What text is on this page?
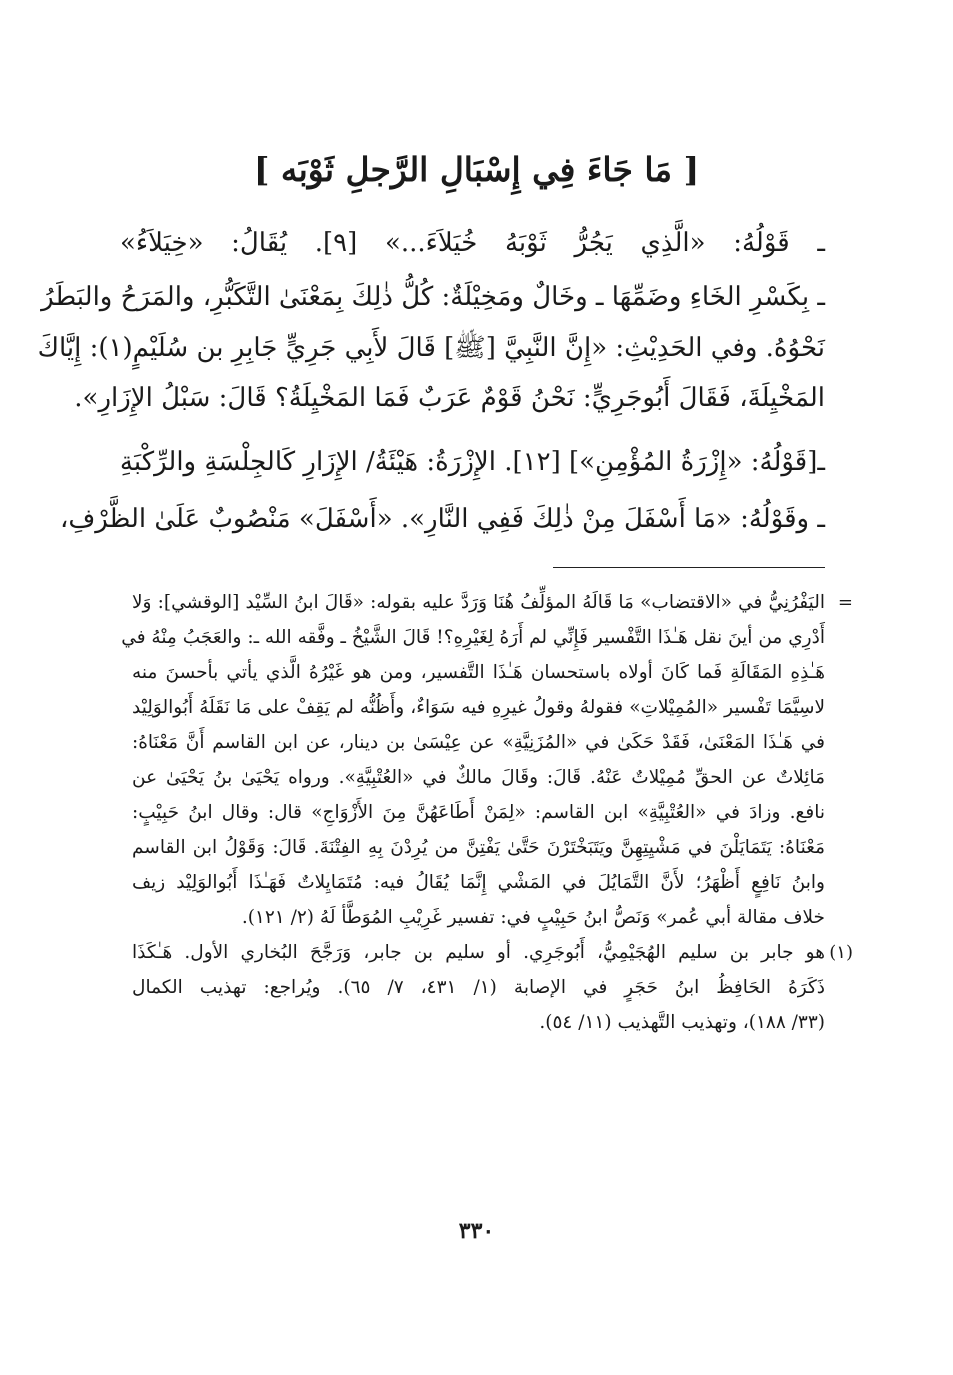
[ مَا جَاءَ فِي إِسْبَالِ الرَّجلِ ثَوْبَه ]
ـ قَوْلُهُ: «الَّذِي يَجُرُّ ثَوْبَهُ خُيَلاَءَ...» [٩]. يُقَالُ: «خِيَلاَءُ»
ـ بِكَسْرِ الخَاءِ وضَمِّهَا ـ وخَالٌ ومَخِيْلَةٌ: كُلُّ ذٰلِكَ بِمَعْنَىٰ التَّكَبُّرِ، والمَرَحُ والبَطَرُ
نَحْوُهُ. وفي الحَدِيْثِ: «إِنَّ النَّبِيَّ [ﷺ] قَالَ لأَبِي جَرِيٍّ جَابِرِ بن سُلَيْمٍ(١): إِيَّاكَ
المَخْيِلَةَ، فَقَالَ أَبُوجَرِيٍّ: نَحْنُ قَوْمٌ عَرَبٌ فَمَا المَخْيِلَةُ؟ قَالَ: سَبْلُ الإِزَارِ».
ـ[قَوْلُهُ: «إِزْرَةُ المُؤْمِنِ»] [١٢]. الإِزْرَةُ: هَيْئَةُ/ الإِزَارِ كَالجِلْسَةِ والرِّكْبَةِ
ـ وقَوْلُهُ: «مَا أَسْفَلَ مِنْ ذٰلِكَ فَفِي النَّارِ». «أَسْفَلَ» مَنْصُوبٌ عَلَىٰ الظَّرْفِ،
=
اليَفْرُنِيُّ في «الاقتضاب» مَا قَالَهُ المؤلِّفُ هُنَا وَرَدَّ عليه بقوله: «قَالَ ابنُ السِّيْد [الوقشي]: وَلا
أَدْرِي من أينَ نقل هَـٰذَا التَّفْسير فَإِنِّي لم أَرَهُ لِغَيْرِهِ؟! قَالَ الشَّيْخُ ـ وفَّقه الله ـ: والعَجَبُ مِنْهُ في
هَـٰذِهِ المَقَالَةِ فَما كَانَ أولاه باستحسان هَـٰذَا التَّفسير، ومن هو غَيْرُهُ الَّذي يأتي بأحسنَ منه
لاسِيَّمَا تَفْسير «المُمِيْلاتِ» فقولهُ وقولُ غيرِهِ فيه سَوَاءٌ، وأَظُنُّه لم يَقِفْ على مَا نَقَلَهُ أَبُوالوَلِيْد
في هَـٰذَا المَعْنَىٰ، فَقَدْ حَكَىٰ في «المُزَنِيَّةِ» عن عِيْسَىٰ بن دينار، عن ابن القاسم أَنَّ مَعْنَاهُ:
مَائِلاتٌ عن الحقِّ مُمِيْلاتٌ عَنْهُ. قَالَ: وقَالَ مالكٌ في «العُتْبِيَّةِ». ورواه يَحْيَىٰ بنُ يَحْيَىٰ عن
نافع. وزادَ في «العُتْبِيَّةِ» ابن القاسم: «لِمَنْ أَطَاعَهُنَّ مِنَ الأَزْوَاجِ» قال: وقال ابنُ حَبِيْبٍ:
مَعْنَاهُ: يَتَمَايَلْنَ في مَشْيِتِهِنَّ ويَتَبَخْتَرْنَ حَتَّىٰ يَفْتِنَّ من يُرِدْنَ بِهِ الفِتْنَةَ. قَالَ: وَقَوْلُ ابن القاسم
وابنُ نَافِعٍ أَظْهَرُ؛ لأَنَّ التَّمَايُلَ في المَشْي إِنَّمَا يُقَالُ فيه: مُتَمَايِلاتٌ فَهَـٰذَا أَبُوالوَلِيْد زيف
خلاف مقالة أبي عُمر» وَنَصُّ ابنُ حَبِيْبٍ في: تفسير غَرِيْبِ المُوَطَّأ لَهُ (٢/ ١٢١).
(١)
هو جابر بن سليم الهُجَيْمِيُّ، أَبُوجَرِي. أو سليم بن جابر، وَرَجَّحَ البُخاري الأول. هَـٰكَذَا
ذَكَرَهُ الحَافِظُ ابنُ حَجَرٍ في الإصابة (١/ ٤٣١، ٧/ ٦٥). ويُراجع: تهذيب الكمال
(٣٣/ ١٨٨)، وتهذيب التَّهذيب (١١/ ٥٤).
٣٣٠
